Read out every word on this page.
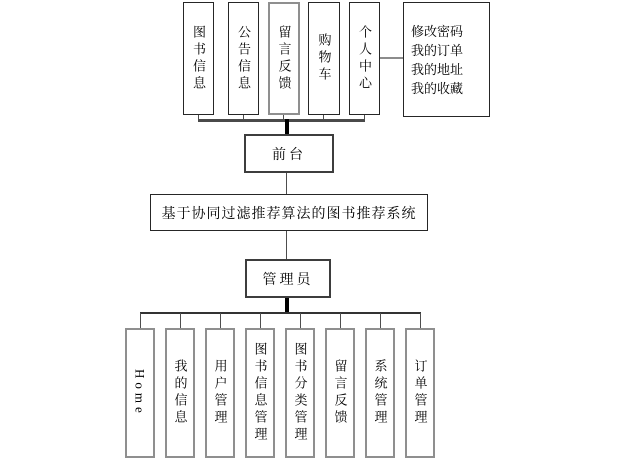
图书信息 公告信息 留言反馈 购物车 个人中心	修改密码
我的订单
我的地址
我的收藏
前台
基于协同过滤推荐算法的图书推荐系统
管理员
Home 我的信息 用户管理 图书信息管理 图书分类管理 留言反馈 系统管理 订单管理
